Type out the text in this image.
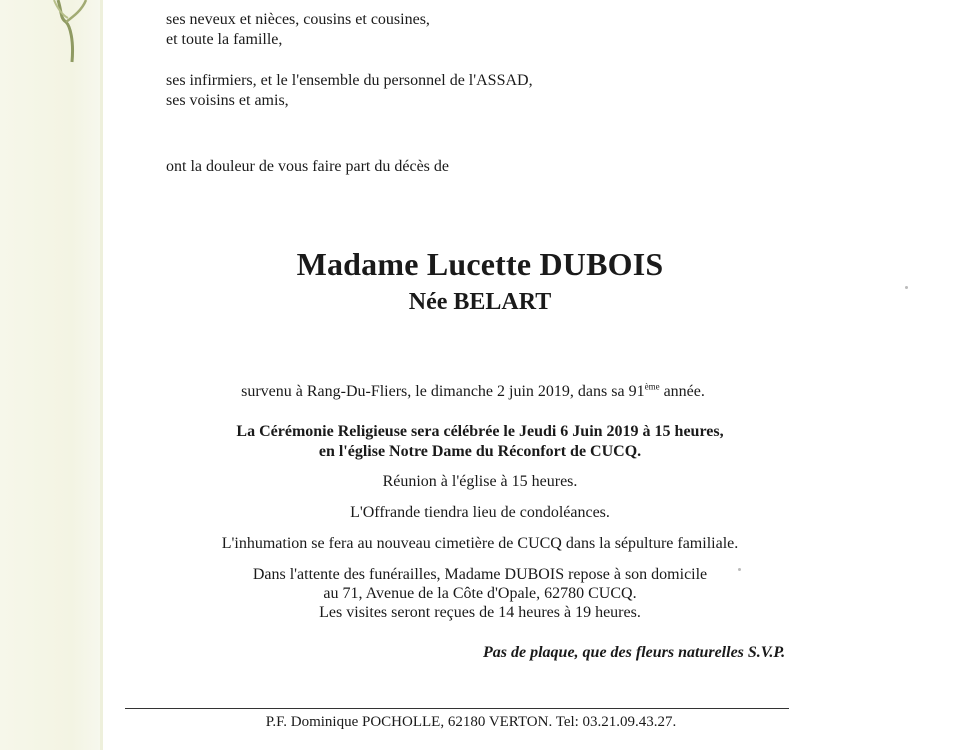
ses neveux et nièces, cousins et cousines,

et toute la famille,

ses infirmiers, et le l'ensemble du personnel de l'ASSAD,

ses voisins et amis,

ont la douleur de vous faire part du décès de

Madame Lucette DUBOIS

Née BELART

survenu à Rang-Du-Fliers, le dimanche 2 juin 2019, dans sa 91ème année.

La Cérémonie Religieuse sera célébrée le Jeudi 6 Juin 2019 à 15 heures,

en l'église Notre Dame du Réconfort de CUCQ.

Réunion à l'église à 15 heures.

L'Offrande tiendra lieu de condoléances.

L'inhumation se fera au nouveau cimetière de CUCQ dans la sépulture familiale.

Dans l'attente des funérailles, Madame DUBOIS repose à son domicile

au 71, Avenue de la Côte d'Opale, 62780 CUCQ.

Les visites seront reçues de 14 heures à 19 heures.

Pas de plaque, que des fleurs naturelles S.V.P.

P.F. Dominique POCHOLLE, 62180 VERTON. Tel: 03.21.09.43.27.
